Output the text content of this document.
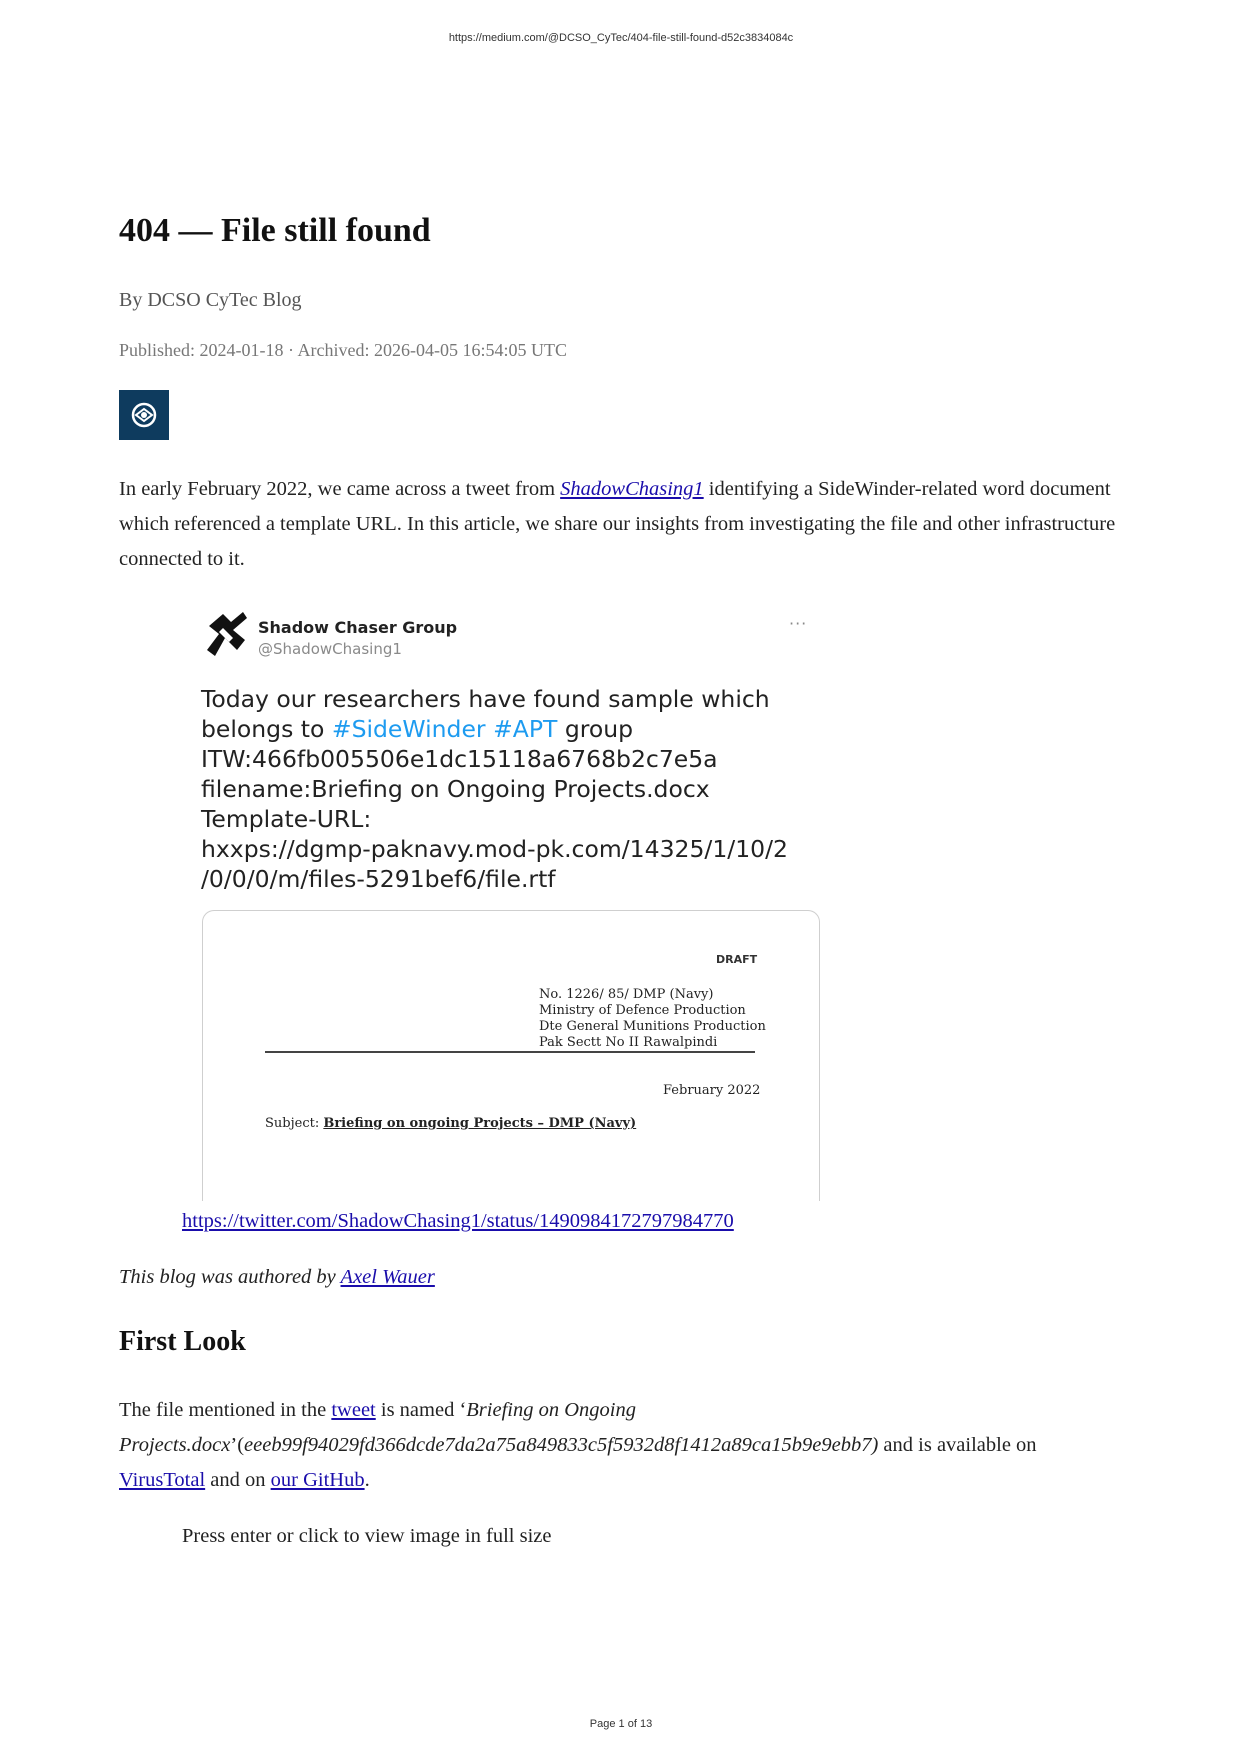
https://medium.com/@DCSO_CyTec/404-file-still-found-d52c3834084c
404 — File still found
By DCSO CyTec Blog
Published: 2024-01-18 · Archived: 2026-04-05 16:54:05 UTC

In early February 2022, we came across a tweet from ShadowChasing1 identifying a SideWinder-related word document which referenced a template URL. In this article, we share our insights from investigating the file and other infrastructure connected to it.

Shadow Chaser Group
@ShadowChasing1
···
Today our researchers have found sample which
belongs to #SideWinder #APT group
ITW:466fb005506e1dc15118a6768b2c7e5a
filename:Briefing on Ongoing Projects.docx
Template-URL:
hxxps://dgmp-paknavy.mod-pk.com/14325/1/10/2
/0/0/0/m/files-5291bef6/file.rtf
DRAFT
No. 1226/ 85/ DMP (Navy)
Ministry of Defence Production
Dte General Munitions Production
Pak Sectt No II Rawalpindi
February 2022
Subject: Briefing on ongoing Projects – DMP (Navy)
https://twitter.com/ShadowChasing1/status/1490984172797984770
This blog was authored by Axel Wauer
First Look

The file mentioned in the tweet is named ‘Briefing on Ongoing Projects.docx’(eeeb99f94029fd366dcde7da2a75a849833c5f5932d8f1412a89ca15b9e9ebb7) and is available on VirusTotal and on our GitHub.

Press enter or click to view image in full size
Page 1 of 13
